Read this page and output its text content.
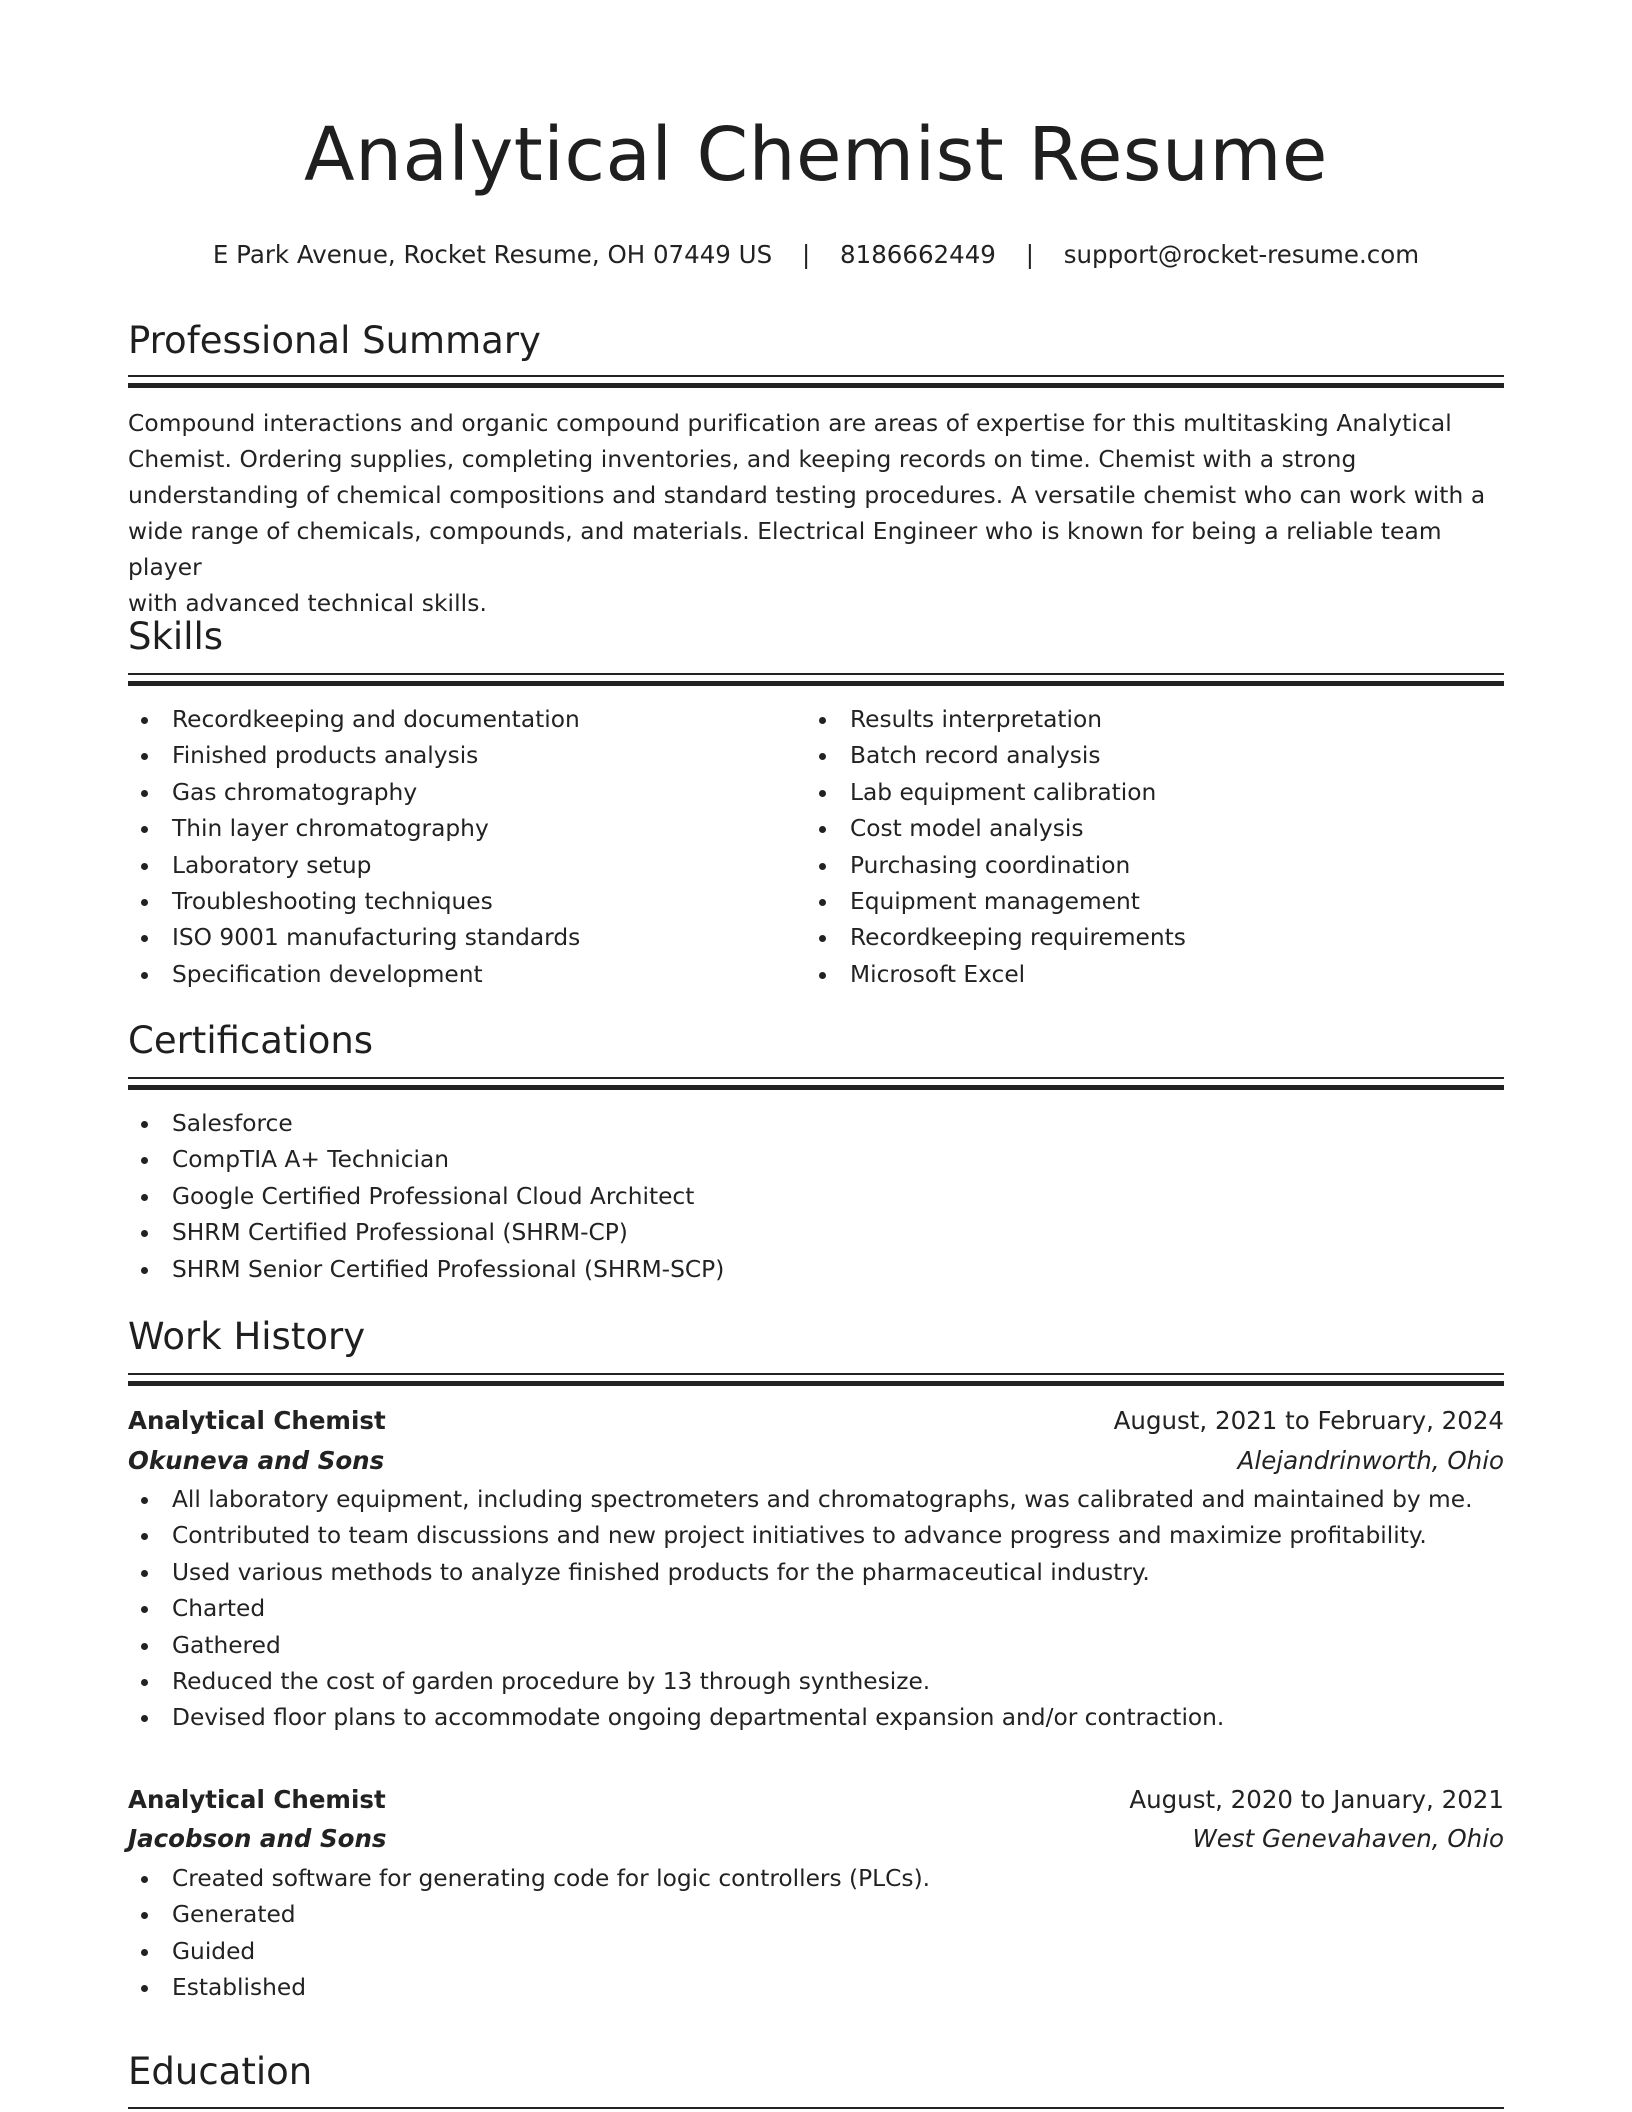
Analytical Chemist Resume
E Park Avenue, Rocket Resume, OH 07449 US | 8186662449 | support@rocket-resume.com
Professional Summary
Compound interactions and organic compound purification are areas of expertise for this multitasking Analytical
Chemist. Ordering supplies, completing inventories, and keeping records on time. Chemist with a strong
understanding of chemical compositions and standard testing procedures. A versatile chemist who can work with a
wide range of chemicals, compounds, and materials. Electrical Engineer who is known for being a reliable team player
with advanced technical skills.
Skills
Recordkeeping and documentation
Finished products analysis
Gas chromatography
Thin layer chromatography
Laboratory setup
Troubleshooting techniques
ISO 9001 manufacturing standards
Specification development
Results interpretation
Batch record analysis
Lab equipment calibration
Cost model analysis
Purchasing coordination
Equipment management
Recordkeeping requirements
Microsoft Excel
Certifications
Salesforce
CompTIA A+ Technician
Google Certified Professional Cloud Architect
SHRM Certified Professional (SHRM-CP)
SHRM Senior Certified Professional (SHRM-SCP)
Work History
Analytical Chemist	August, 2021 to February, 2024
Okuneva and Sons	Alejandrinworth, Ohio
All laboratory equipment, including spectrometers and chromatographs, was calibrated and maintained by me.
Contributed to team discussions and new project initiatives to advance progress and maximize profitability.
Used various methods to analyze finished products for the pharmaceutical industry.
Charted
Gathered
Reduced the cost of garden procedure by 13 through synthesize.
Devised floor plans to accommodate ongoing departmental expansion and/or contraction.
Analytical Chemist	August, 2020 to January, 2021
Jacobson and Sons	West Genevahaven, Ohio
Created software for generating code for logic controllers (PLCs).
Generated
Guided
Established
Education
